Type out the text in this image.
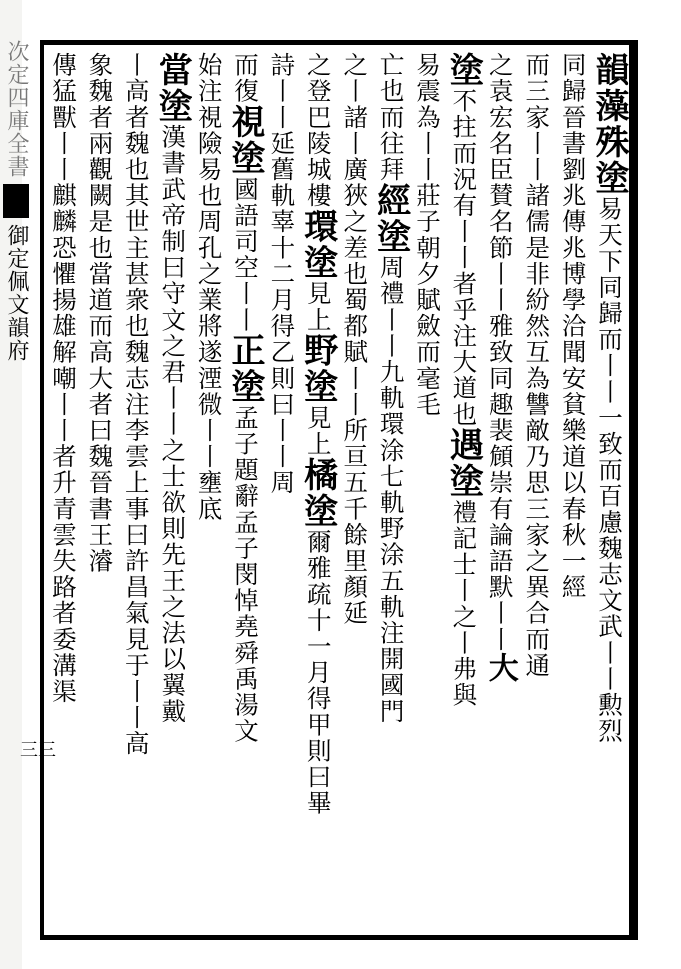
次定四庫全書御定佩文韻府
三三
韻藻殊塗易天下同歸而丨丨一致而百慮魏志文武丨丨勲烈
同歸晉書劉兆傳兆博學洽聞安貧樂道以春秋一經
而三家丨丨諸儒是非紛然互為讐敵乃思三家之異合而通
之袁宏名臣賛名節丨丨雅致同趣裴頠崇有論語默丨丨大
塗不拄而況有丨丨者乎注大道也遇塗禮記士丨之丨弗與
易震為丨丨莊子朝夕賦斂而毫毛
亡也而往拜經塗周禮丨丨九軌環涂七軌野涂五軌注開國門
之丨諸丨廣狹之差也蜀都賦丨丨所亘五千餘里顏延
之登巴陵城樓環塗見上野塗見上橘塗爾雅疏十一月得甲則曰畢
詩丨丨延舊軌辜十二月得乙則曰丨丨周
而復視塗國語司空丨丨正塗孟子題辭孟子閔悼堯舜禹湯文
始注視險易也周孔之業將遂湮微丨丨壅底
當塗漢書武帝制曰守文之君丨丨之士欲則先王之法以翼戴
丨高者魏也其世主甚衆也魏志注李雲上事曰許昌氣見于丨丨高
象魏者兩觀闕是也當道而高大者曰魏晉書王濬
傳猛獸丨丨麒麟恐懼揚雄解嘲丨丨者升青雲失路者委溝渠
